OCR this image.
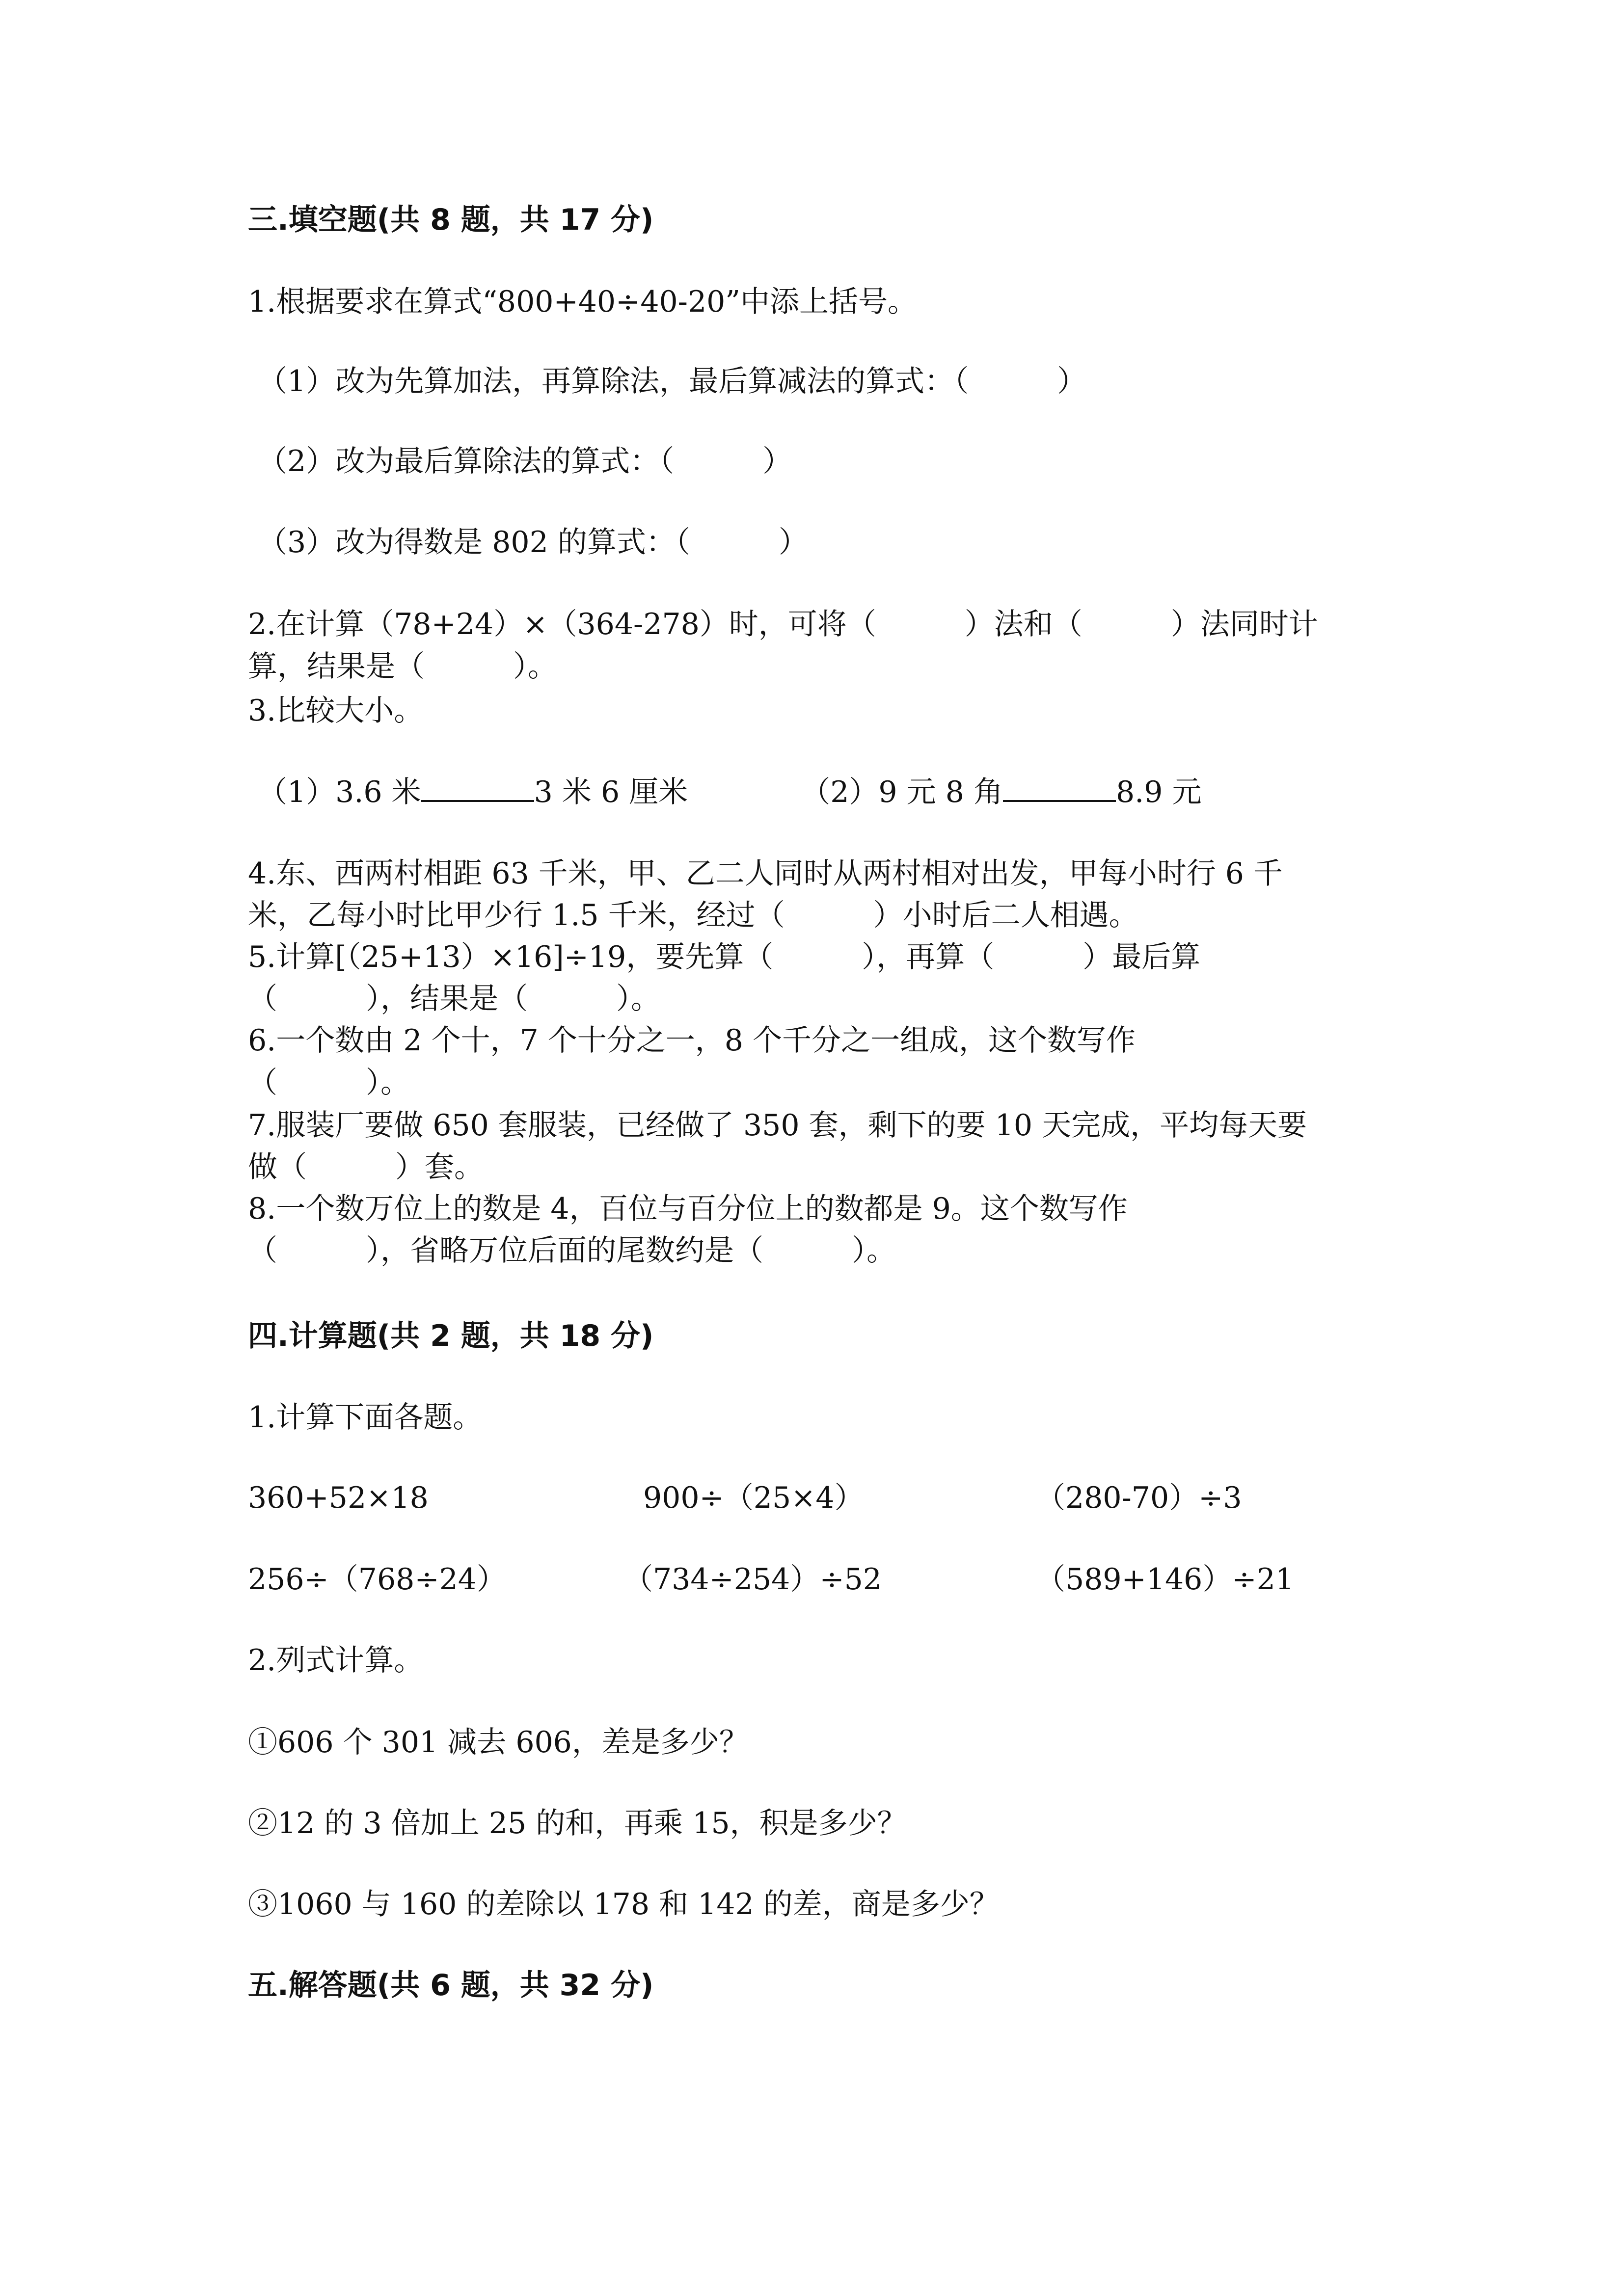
三.填空题(共 8 题，共 17 分)
1.根据要求在算式“800+40÷40-20”中添上括号。
（1）改为先算加法，再算除法，最后算减法的算式：（　　　）
（2）改为最后算除法的算式：（　　　）
（3）改为得数是 802 的算式：（　　　）
2.在计算（78+24）×（364-278）时，可将（　　　）法和（　　　）法同时计
算，结果是（　　　）。
3.比较大小。
（1）3.6 米	3 米 6 厘米	（2）9 元 8 角	8.9 元
4.东、西两村相距 63 千米，甲、乙二人同时从两村相对出发，甲每小时行 6 千
米，乙每小时比甲少行 1.5 千米，经过（　　　）小时后二人相遇。
5.计算[（25+13）×16]÷19，要先算（　　　），再算（　　　）最后算
（　　　），结果是（　　　）。
6.一个数由 2 个十，7 个十分之一，8 个千分之一组成，这个数写作
（　　　）。
7.服装厂要做 650 套服装，已经做了 350 套，剩下的要 10 天完成，平均每天要
做（　　　）套。
8.一个数万位上的数是 4，百位与百分位上的数都是 9。这个数写作
（　　　），省略万位后面的尾数约是（　　　）。
四.计算题(共 2 题，共 18 分)
1.计算下面各题。
360+52×18	900÷（25×4）	（280-70）÷3
256÷（768÷24）	（734÷254）÷52	（589+146）÷21
2.列式计算。
①606 个 301 减去 606，差是多少？
②12 的 3 倍加上 25 的和，再乘 15，积是多少？
③1060 与 160 的差除以 178 和 142 的差，商是多少？
五.解答题(共 6 题，共 32 分)
